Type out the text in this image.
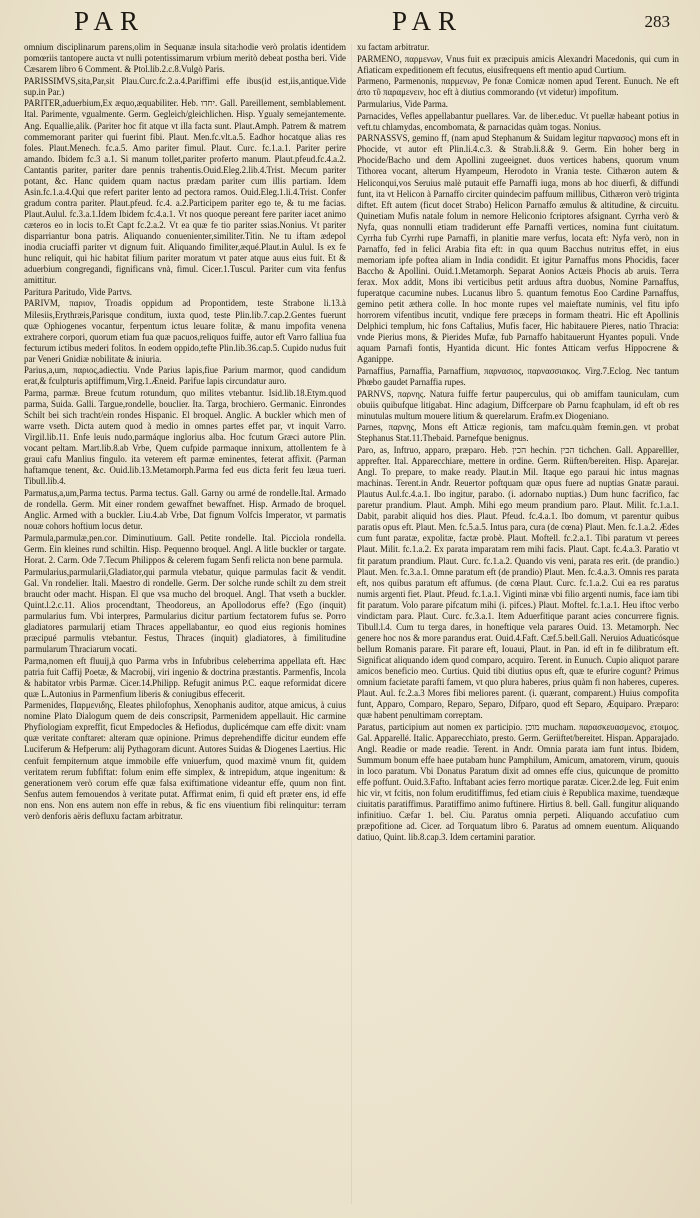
PAR	PAR	283

omnium disciplinarum parens,olim in Sequanæ insula sita:hodie verò prolatis identidem pomœriis tantopere aucta vt nulli potentissimarum vrbium meritò debeat postha beri. Vide Cæsarem libro 6 Comment. & Ptol.lib.2.c.8.Vulgò Paris.

PARISSIMVS,sita,Par,sit Plau.Curc.fc.2.a.4.Pariffimi effe ibus(id est,iis,antique.Vide sup.in Par.)

PARITER,aduerbium,Ex æquo,æquabiliter. Heb. יחדו. Gall. Pareillement, semblablement. Ital. Parimente, vgualmente. Germ. Gegleich/gleichlichen. Hisp. Ygualy semejantemente. Ang. Equallie,alik. (Pariter hoc fit atque vt illa facta sunt. Plaut.Amph. Patrem & matrem commemorant pariter qui fuerint fibi. Plaut. Men.fc.vlt.a.5. Eadhor hocatque alias res foles. Plaut.Menech. fc.a.5. Amo pariter fimul. Plaut. Curc. fc.1.a.1. Pariter perire amando. Ibidem fc.3 a.1. Si manum tollet,pariter proferto manum. Plaut.pfeud.fc.4.a.2. Cantantis pariter, pariter dare pennis trahentis.Ouid.Eleg.2.lib.4.Trist. Mecum pariter potant, &c. Hanc quidem quam nactus prædam pariter cum illis partiam. Idem Asin.fc.1.a.4.Qui que refert pariter lento ad pectora ramos. Ouid.Eleg.1.li.4.Trist. Confer gradum contra pariter. Plaut.pfeud. fc.4. a.2.Participem pariter ego te, & tu me facias. Plaut.Aulul. fc.3.a.1.Idem Ibidem fc.4.a.1. Vt nos quoque pereant fere pariter iacet animo cæteros eo in locis to.Et Capt fc.2.a.2. Vt ea quæ fe tio pariter ssias.Nonius. Vt pariter disparriantur bona patris. Aliquando conuenienter,similiter.Titin. Ne tu iftam ædepol inodia cruciaffi pariter vt dignum fuit. Aliquando fimiliter,æqué.Plaut.in Aulul. Is ex fe hunc reliquit, qui hic habitat filium pariter moratum vt pater atque auus eius fuit. Et & aduerbium congregandi, fignificans vnà, fimul. Cicer.1.Tuscul. Pariter cum vita fenfus amittitur.

Paritura Paritudo, Vide Partvs.

PARIVM, παριον, Troadis oppidum ad Propontidem, teste Strabone li.13.à Milesiis,Erythræis,Parisque conditum, iuxta quod, teste Plin.lib.7.cap.2.Gentes fuerunt quæ Ophiogenes vocantur, ferpentum ictus leuare folitæ, & manu impofita venena extrahere corpori, quorum etiam fua quæ pacuos,reliquos fuiffe, autor eft Varro falliua fua fecturum ictibus mederi folitos. In eodem oppido,tefte Plin.lib.36.cap.5. Cupido nudus fuit par Veneri Gnidiæ nobilitate & iniuria.

Parius,a,um, παριος,adiectiu. Vnde Parius lapis,fiue Parium marmor, quod candidum erat,& fculpturis aptiffimum,Virg.1.Æneid. Parifue lapis circundatur auro.

Parma, parmæ. Breue fcutum rotundum, quo milites vtebantur. Isid.lib.18.Etym.quod parma, Suida. Galli. Targue,rondelle, bouclier. Ita. Targa, brochiero. Germanic. Einrondes Schilt bei sich tracht/ein rondes Hispanic. El broquel. Anglic. A buckler which men of warre vseth. Dicta autem quod à medio in omnes partes effet par, vt inquit Varro. Virgil.lib.11. Enfe leuis nudo,parmáque inglorius alba. Hoc fcutum Græci autore Plin. vocant peltam. Mart.lib.8.ab Vrbe, Quem cufpide parmaque innixum, attollentem fe à graui cafu Manlius fingulo. ita veterem eft parmæ eminentes, feterat affixit. (Parman haftamque tenent, &c. Ouid.lib.13.Metamorph.Parma fed eus dicta ferit feu læua tueri. Tibull.lib.4.

Parmatus,a,um,Parma tectus. Parma tectus. Gall. Garny ou armé de rondelle.Ital. Armado de rondella. Germ. Mit einer rondem gewaffnet bewaffnet. Hisp. Armado de broquel. Anglic. Armed with a buckler. Liu.4.ab Vrbe, Dat fignum Volfcis Imperator, vt parmatis nouæ cohors hoftium locus detur.

Parmula,parmulæ,pen.cor. Diminutiuum. Gall. Petite rondelle. Ital. Picciola rondella. Germ. Ein kleines rund schiltin. Hisp. Pequenno broquel. Angl. A litle buckler or targate. Horat. 2. Carm. Ode 7.Tecum Philippos & celerem fugam Senfi relicta non bene parmula.

Parmularius,parmularii,Gladiator,qui parmula vtebatur, quique parmulas facit & vendit. Gal. Vn rondelier. Itali. Maestro di rondelle. Germ. Der solche runde schilt zu dem streit braucht oder macht. Hispan. El que vsa mucho del broquel. Angl. That vseth a buckler. Quint.l.2.c.11. Alios procendtant, Theodoreus, an Apollodorus effe? (Ego (inquit) parmularius fum. Vbi interpres, Parmularius dicitur partium fectatorem fufus se. Porro gladiatores parmularij etiam Thraces appellabantur, eo quod eius regionis homines præcipué parmulis vtebantur. Festus, Thraces (inquit) gladiatores, à fimilitudine parmularum Thraciarum vocati.

Parma,nomen eft fluuij,à quo Parma vrbs in Infubribus celeberrima appellata eft. Hæc patria fuit Caffij Poetæ, & Macrobij, viri ingenio & doctrina præstantis. Parmenfis, Incola & habitator vrbis Parmæ. Cicer.14.Philipp. Refugit animus P.C. eaque reformidat dicere quæ L.Autonius in Parmenfium liberis & coniugibus effecerit.

Parmenides, Παρμενιδης, Eleates philofophus, Xenophanis auditor, atque amicus, à cuius nomine Plato Dialogum quem de deis conscripsit, Parmenidem appellauit. Hic carmine Phyfiologiam expreffit, ficut Empedocles & Hefiodus, duplicémque cam effe dixit: vnam quæ veritate conftaret: alteram quæ opinione. Primus deprehendiffe dicitur eundem effe Luciferum & Hefperum: alij Pythagoram dicunt. Autores Suidas & Diogenes Laertius. Hic cenfuit fempiternum atque immobile effe vniuerfum, quod maximè vnum fit, quidem veritatem rerum fubfiftat: folum enim effe simplex, & intrepidum, atque ingenitum: & generationem verò corum effe quæ falsa exiftimatione videantur effe, quum non fint. Senfus autem femouendos à veritate putat. Affirmat enim, fi quid eft præter ens, id effe non ens. Non ens autem non effe in rebus, & fic ens viuentium fibi relinquitur: terram verò denforis aëris defluxu factam arbitratur.

xu factam arbitratur.

PARMENO, παρμενων, Vnus fuit ex præcipuis amicis Alexandri Macedonis, qui cum in Afiaticam expeditionem eft fecutus, eiusifrequens eft mentio apud Curtium.

Parmeno, Parmenonis, παρμενων, Pe fonæ Comicæ nomen apud Terent. Eunuch. Ne eft ἀπο τῦ παραμενειν, hoc eft à diutius commorando (vt videtur) impofitum.

Parmularius, Vide Parma.

Parnacides, Vefles appellabantur puellares. Var. de liber.educ. Vt puellæ habeant potius in veft.tu chlamydas, encombomata, & parnacidas quàm togas. Nonius.

PARNASSVS, gemino ff, (nam apud Stephanum & Suidam legitur παρνασος) mons eft in Phocide, vt autor eft Plin.li.4.c.3. & Strab.li.8.& 9. Germ. Ein hoher berg in Phocide/Bacho und dem Apollini zugeeignet. duos vertices habens, quorum vnum Tithorea vocant, alterum Hyampeum, Herodoto in Vrania teste. Cithæron autem & Heliconqui,vos Seruius malè putauit effe Parnaffi iuga, mons ab hoc diuerfi, & diffundi funt, ita vt Helicon à Parnaffo circiter quindecim paffuum millibus, Cithæron verò triginta diftet. Eft autem (ficut docet Strabo) Helicon Parnaffo æmulus & altitudine, & circuitu. Quinetiam Mufis natale folum in nemore Heliconio fcriptores afsignant. Cyrrha verò & Nyfa, quas nonnulli etiam tradiderunt effe Parnaffi vertices, nomina funt ciuitatum. Cyrrha fub Cyrrhi rupe Parnaffi, in planitie mare verfus, locata eft: Nyfa verò, non in Parnaffo, fed in felici Arabia fita eft: in qua quum Bacchus nutritus effet, in eius memoriam ipfe poftea aliam in India condidit. Et igitur Parnaffus mons Phocidis, facer Baccho & Apollini. Ouid.1.Metamorph. Separat Aonios Actæis Phocis ab aruis. Terra ferax. Mox addit, Mons ibi verticibus petit arduus aftra duobus, Nomine Parnaffus, fuperatque cacumine nubes. Lucanus libro 5. quantum femotus Eoo Cardine Parnaffus, gemino petit æthera colle. In hoc monte rupes vel maieftate numinis, vel fitu ipfo horrorem vifentibus incutit, vndique fere præceps in formam theatri. Hic eft Apollinis Delphici templum, hic fons Caftalius, Mufis facer, Hic habitauere Pieres, natio Thracia: vnde Pierius mons, & Pierides Mufæ, fub Parnaffo habitauerunt Hyantes populi. Vnde aquam Parnafi fontis, Hyantida dicunt. Hic fontes Atticam verfus Hippocrene & Aganippe.

Parnaffius, Parnaffia, Parnaffium, παρνασιος, παρνασσιακος. Virg.7.Eclog. Nec tantum Phœbo gaudet Parnaffia rupes.

PARNVS, παρνης. Natura fuiffe fertur pauperculus, qui ob amiffam tauniculam, cum obuiis quibufque litigabat. Hinc adagium, Diffcerpare ob Parnu fcaphulam, id eft ob res minutulas multum mouere litium & querelarum. Erafm.ex Diogeniano.

Parnes, παρνης, Mons eft Atticæ regionis, tam mafcu.quàm fœmin.gen. vt probat Stephanus Stat.11.Thebaid. Parnefque benignus.

Paro, as, Inftruo, apparo, præparo. Heb. הכין hechin. הכין tichchen. Gall. Apparelller, apprefter. Ital. Apparecchiare, mettere in ordine. Germ. Rüften/bereiten. Hisp. Aparejar. Angl. To prepare, to make ready. Plaut.in Mil. Itaque ego paraui hic intus magnas machinas. Terent.in Andr. Reuertor poftquam quæ opus fuere ad nuptias Gnatæ paraui. Plautus Aul.fc.4.a.1. Ibo ingitur, parabo. (i. adornabo nuptias.) Dum hunc facrifico, fac paretur prandium. Plaut. Amph. Mihi ego meum prandium paro. Plaut. Milit. fc.1.a.1. Dabit, parabit aliquid hos dies. Plaut. Pfeud. fc.4.a.1. Ibo domum, vt parentur quibus paratis opus eft. Plaut. Men. fc.5.a.5. Intus para, cura (de cœna) Plaut. Men. fc.1.a.2. Ædes cum funt paratæ, expolitæ, factæ probè. Plaut. Moftell. fc.2.a.1. Tibi paratum vt perees Plaut. Milit. fc.1.a.2. Ex parata imparatam rem mihi facis. Plaut. Capt. fc.4.a.3. Paratio vt fit paratum prandium. Plaut. Curc. fc.1.a.2. Quando vis veni, parata res erit. (de prandio.) Plaut. Men. fc.3.a.1. Omne paratum eft (de prandio) Plaut. Men. fc.4.a.3. Omnis res parata eft, nos quibus paratum eft affumus. (de cœna Plaut. Curc. fc.1.a.2. Cui ea res paratus numis argenti fiet. Plaut. Pfeud. fc.1.a.1. Viginti minæ vbi filio argenti numis, face iam tibi fit paratum. Volo parare pifcatum mihi (i. pifces.) Plaut. Moftel. fc.1.a.1. Heu iftoc verbo vindictam para. Plaut. Curc. fc.3.a.1. Item Aduerfitique parant acies concurrere fignis. Tibull.l.4. Cum tu terga dares, in honeftique vela parares Ouid. 13. Metamorph. Nec genere hoc nos & more parandus erat. Ouid.4.Faft. Cæf.5.bell.Gall. Neruios Aduaticósque bellum Romanis parare. Fit parare eft, Iouaui, Plaut. in Pan. id eft in fe dilibratum eft. Significat aliquando idem quod comparo, acquiro. Terent. in Eunuch. Cupio aliquot parare amicos beneficio meo. Curtius. Quid tibi diutius opus eft, quæ te efurire cogunt? Primus omnium facietate parafti famem, vt quo plura haberes, prius quàm fi non haberes, cuperes. Plaut. Aul. fc.2.a.3 Mores fibi meliores parent. (i. quærant, comparent.) Huius compofita funt, Apparo, Comparo, Reparo, Separo, Difparo, quod eft Separo, Æquiparo. Præparo: quæ habent penultimam correptam.

Paratus, participium aut nomen ex participio. מוכן mucham. παρασκευασμενος, ετοιμος. Gal. Apparellé. Italic. Apparecchiato, presto. Germ. Gerüftet/bereitet. Hispan. Apparajado. Angl. Readie or made readie. Terent. in Andr. Omnia parata iam funt intus. Ibidem, Summum bonum effe haee putabam hunc Pamphilum, Amicum, amatorem, virum, quouis in loco paratum. Vbi Donatus Paratum dixit ad omnes effe cius, quicunque de promitto effe poffunt. Ouid.3.Fafto. Inftabant acies ferro mortique paratæ. Cicer.2.de leg. Fuit enim hic vir, vt fcitis, non folum eruditiffimus, fed etiam ciuis è Republica maxime, tuendæque ciuitatis paratiffimus. Paratiffimo animo fuftinere. Hirtius 8. bell. Gall. fungitur aliquando infinitiuo. Cæfar 1. bel. Ciu. Paratus omnia perpeti. Aliquando accufatiuo cum præpofitione ad. Cicer. ad Torquatum libro 6. Paratus ad omnem euentum. Aliquando datiuo, Quint. lib.8.cap.3. Idem certamini paratior.
